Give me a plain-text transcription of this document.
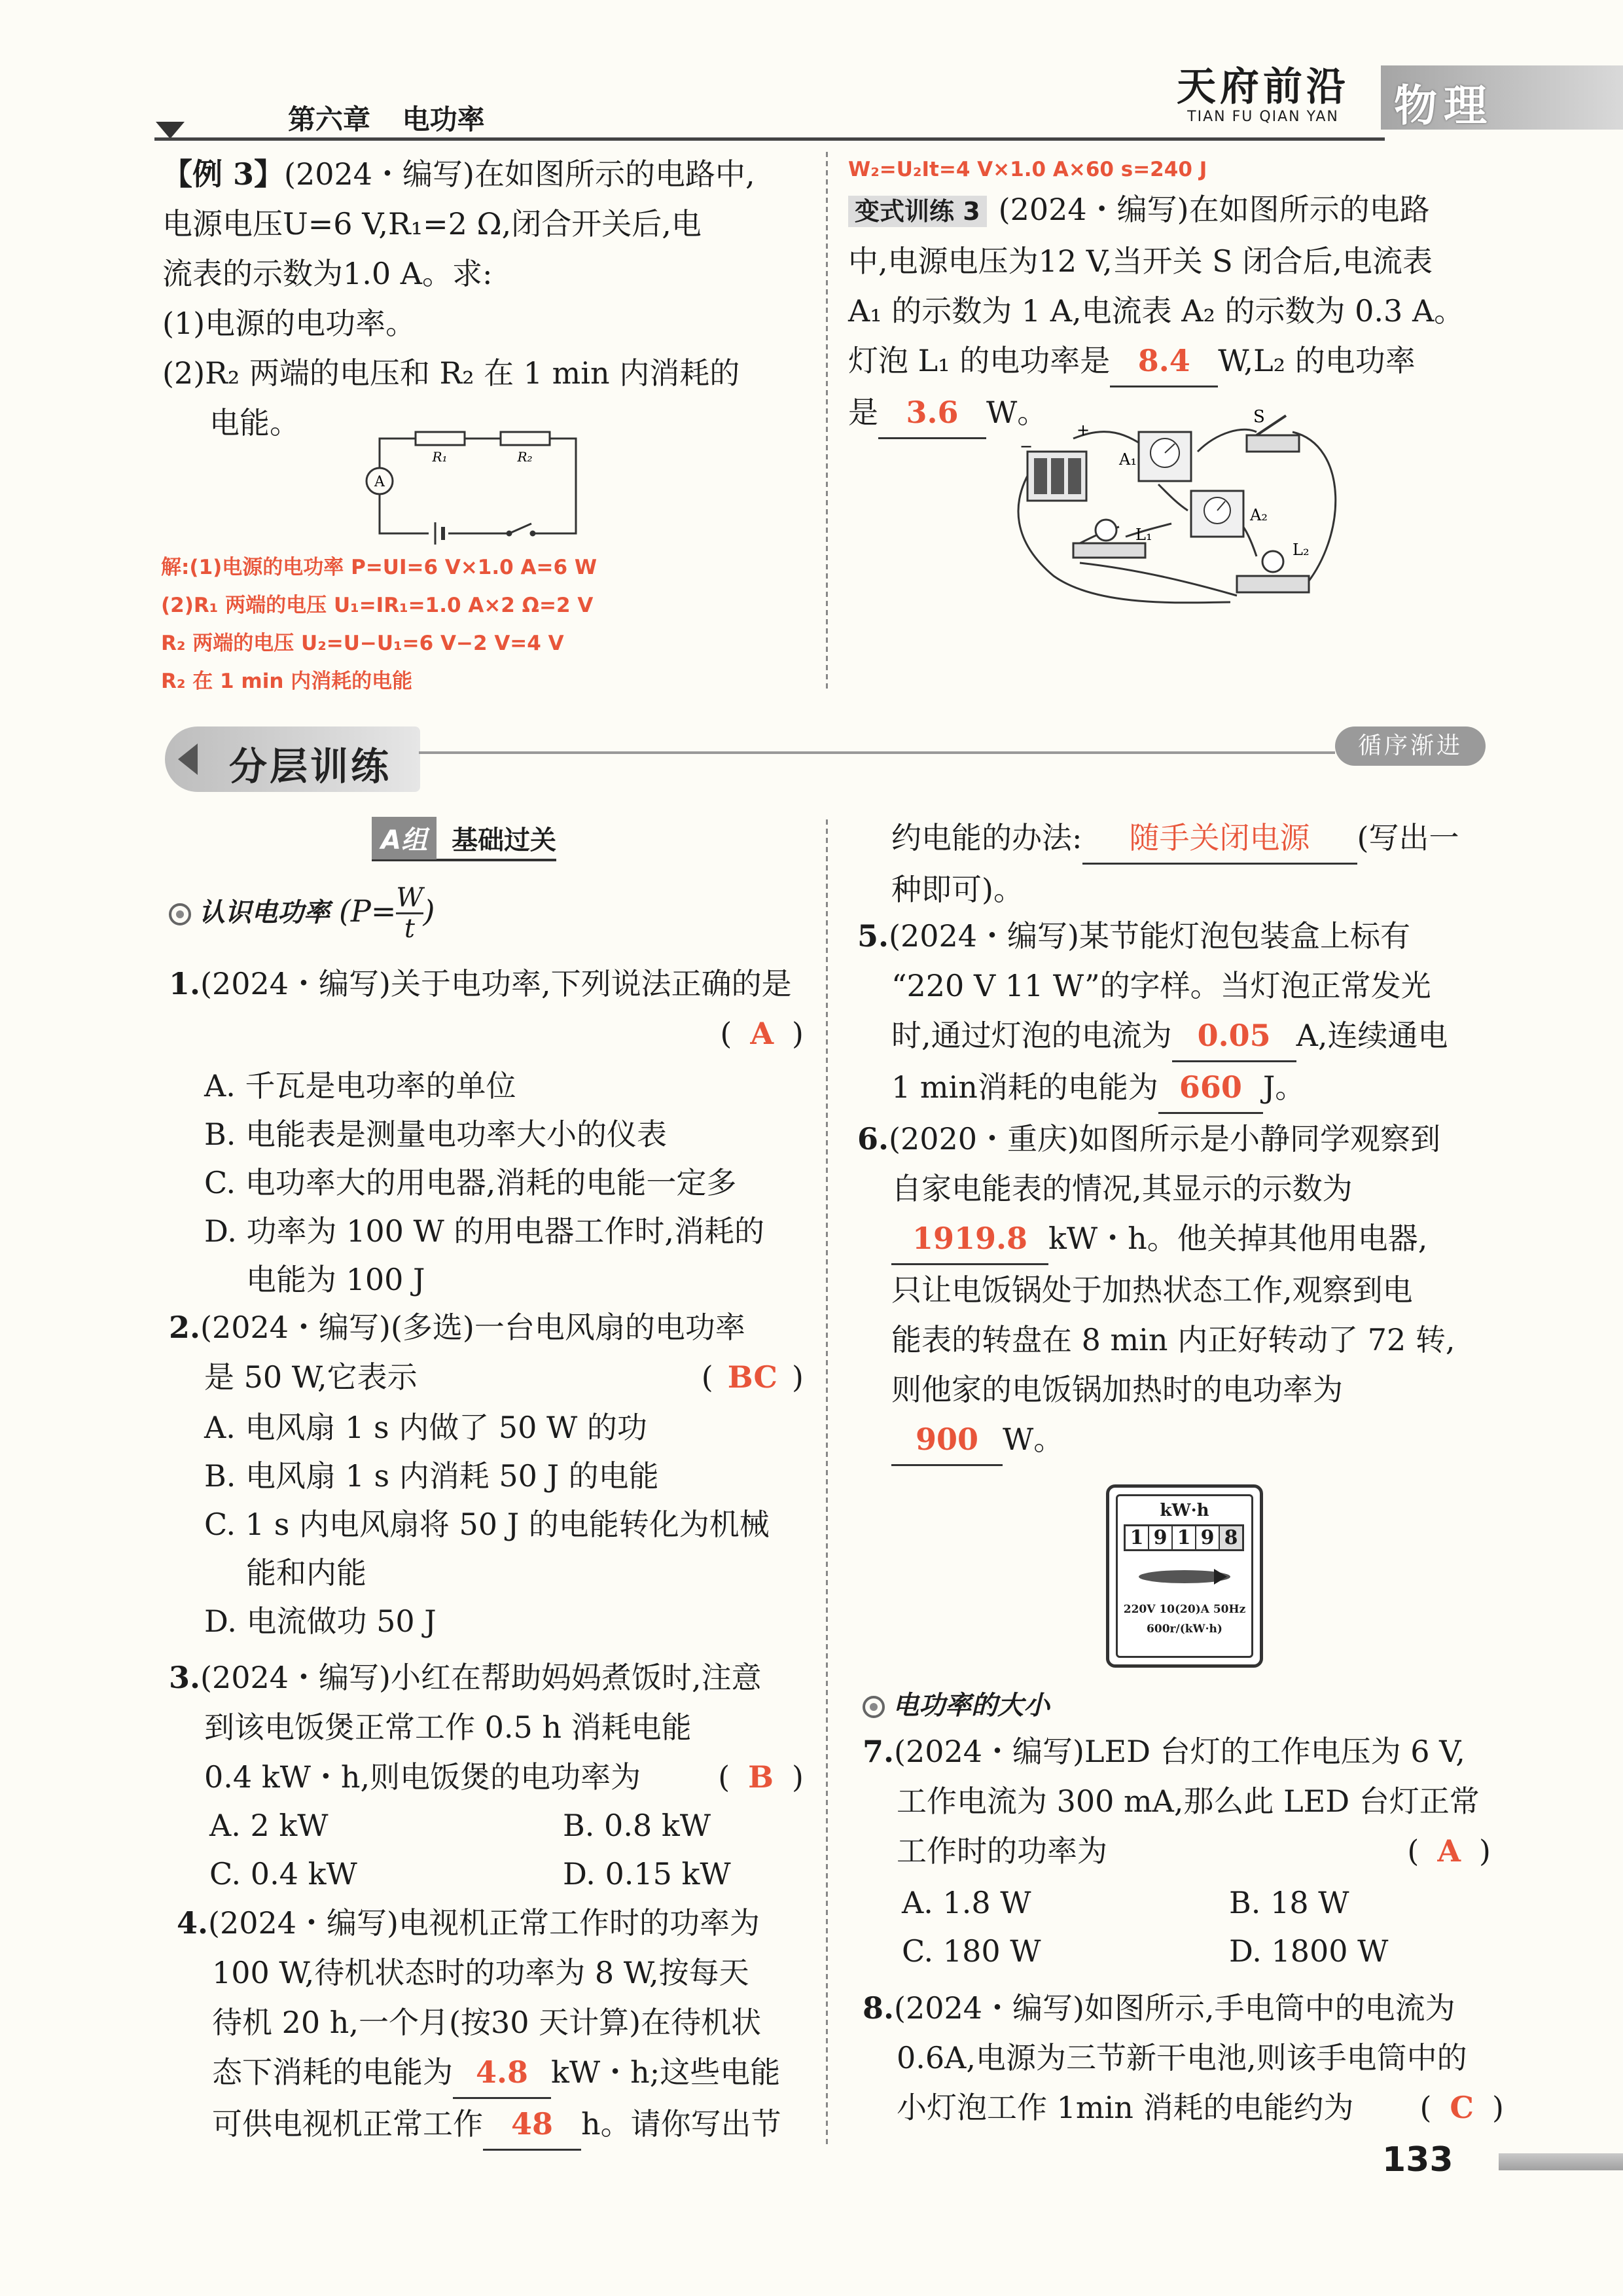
第六章 电功率
天府前沿
TIAN FU QIAN YAN	物理
【例 3】(2024・编写)在如图所示的电路中,
电源电压U=6 V,R₁=2 Ω,闭合开关后,电
流表的示数为1.0 A。求:
(1)电源的电功率。
(2)R₂ 两端的电压和 R₂ 在 1 min 内消耗的
电能。
A
R₁	R₂
解:(1)电源的电功率 P=UI=6 V×1.0 A=6 W
(2)R₁ 两端的电压 U₁=IR₁=1.0 A×2 Ω=2 V
R₂ 两端的电压 U₂=U−U₁=6 V−2 V=4 V
R₂ 在 1 min 内消耗的电能
W₂=U₂It=4 V×1.0 A×60 s=240 J
变式训练 3 (2024・编写)在如图所示的电路
中,电源电压为12 V,当开关 S 闭合后,电流表
A₁ 的示数为 1 A,电流表 A₂ 的示数为 0.3 A。
灯泡 L₁ 的电功率是 8.4 W,L₂ 的电功率
是 3.6 W。
−
+
A₁
S
A₂
L₁
L₂
分层训练	循序渐进
A组 基础过关
认识电功率 ($P= \frac{W}{t}$ )
1.(2024・编写)关于电功率,下列说法正确的是
( A )
A. 千瓦是电功率的单位
B. 电能表是测量电功率大小的仪表
C. 电功率大的用电器,消耗的电能一定多
D. 功率为 100 W 的用电器工作时,消耗的
电能为 100 J
2.(2024・编写)(多选)一台电风扇的电功率
是 50 W,它表示	( BC )
A. 电风扇 1 s 内做了 50 W 的功
B. 电风扇 1 s 内消耗 50 J 的电能
C. 1 s 内电风扇将 50 J 的电能转化为机械
能和内能
D. 电流做功 50 J
3.(2024・编写)小红在帮助妈妈煮饭时,注意
到该电饭煲正常工作 0.5 h 消耗电能
0.4 kW・h,则电饭煲的电功率为	( B )
A. 2 kW	B. 0.8 kW
C. 0.4 kW	D. 0.15 kW
4.(2024・编写)电视机正常工作时的功率为
100 W,待机状态时的功率为 8 W,按每天
待机 20 h,一个月(按30 天计算)在待机状
态下消耗的电能为 4.8 kW・h;这些电能
可供电视机正常工作 48 h。请你写出节
约电能的办法: 随手关闭电源 (写出一
种即可)。
5.(2024・编写)某节能灯泡包装盒上标有
“220 V 11 W”的字样。当灯泡正常发光
时,通过灯泡的电流为 0.05 A,连续通电
1 min消耗的电能为 660 J。
6.(2020・重庆)如图所示是小静同学观察到
自家电能表的情况,其显示的示数为
1919.8 kW・h。他关掉其他用电器,
只让电饭锅处于加热状态工作,观察到电
能表的转盘在 8 min 内正好转动了 72 转,
则他家的电饭锅加热时的电功率为
900 W。
kW·h
1 9 1 9 8
220V 10(20)A 50Hz
600r/(kW·h)
电功率的大小
7.(2024・编写)LED 台灯的工作电压为 6 V,
工作电流为 300 mA,那么此 LED 台灯正常
工作时的功率为	( A )
A. 1.8 W	B. 18 W
C. 180 W	D. 1800 W
8.(2024・编写)如图所示,手电筒中的电流为
0.6A,电源为三节新干电池,则该手电筒中的
小灯泡工作 1min 消耗的电能约为 ( C )
133
